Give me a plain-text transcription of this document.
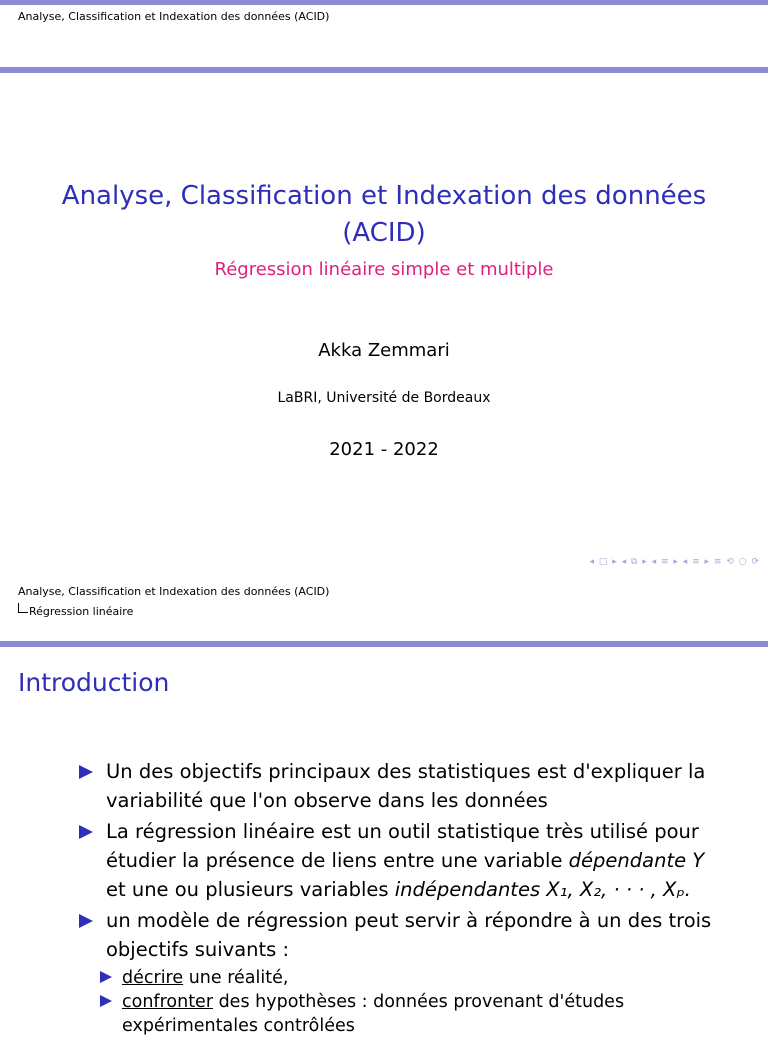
Analyse, Classification et Indexation des données (ACID)
Analyse, Classification et Indexation des données
(ACID)
Régression linéaire simple et multiple
Akka Zemmari
LaBRI, Université de Bordeaux
2021 - 2022
◂ □ ▸ ◂ ⧉ ▸ ◂ ≡ ▸ ◂ ≡ ▸ ≡ ⟲ ○ ⟳
Analyse, Classification et Indexation des données (ACID)
Régression linéaire
Introduction
Un des objectifs principaux des statistiques est d'expliquer la variabilité que l'on observe dans les données
La régression linéaire est un outil statistique très utilisé pour étudier la présence de liens entre une variable dépendante Y et une ou plusieurs variables indépendantes X₁, X₂, · · · , Xₚ.
un modèle de régression peut servir à répondre à un des trois objectifs suivants :
décrire une réalité,
confronter des hypothèses : données provenant d'études expérimentales contrôlées
